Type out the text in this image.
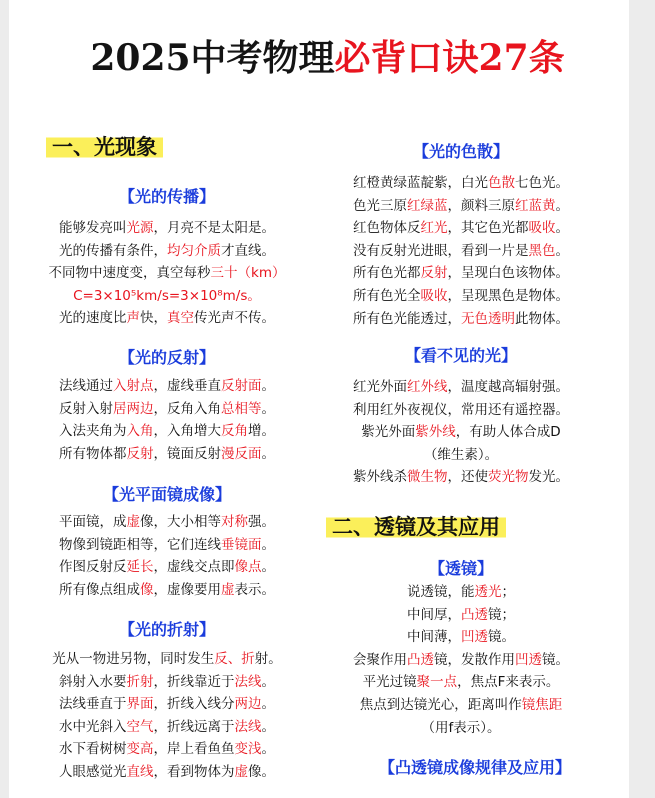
2025中考物理必背口诀27条
一、光现象
【光的传播】
能够发亮叫光源，月亮不是太阳是。
光的传播有条件，均匀介质才直线。
不同物中速度变，真空每秒三十（km）
C=3×10⁵km/s=3×10⁸m/s。
光的速度比声快，真空传光声不传。
【光的反射】
法线通过入射点，虚线垂直反射面。
反射入射居两边，反角入角总相等。
入法夹角为入角，入角增大反角增。
所有物体都反射，镜面反射漫反面。
【光平面镜成像】
平面镜，成虚像，大小相等对称强。
物像到镜距相等，它们连线垂镜面。
作图反射反延长，虚线交点即像点。
所有像点组成像，虚像要用虚表示。
【光的折射】
光从一物进另物，同时发生反、折射。
斜射入水要折射，折线靠近于法线。
法线垂直于界面，折线入线分两边。
水中光斜入空气，折线远离于法线。
水下看树树变高，岸上看鱼鱼变浅。
人眼感觉光直线，看到物体为虚像。
【光的色散】
红橙黄绿蓝靛紫，白光色散七色光。
色光三原红绿蓝，颜料三原红蓝黄。
红色物体反红光，其它色光都吸收。
没有反射光进眼，看到一片是黑色。
所有色光都反射，呈现白色该物体。
所有色光全吸收，呈现黑色是物体。
所有色光能透过，无色透明此物体。
【看不见的光】
红光外面红外线，温度越高辐射强。
利用红外夜视仪，常用还有遥控器。
紫光外面紫外线，有助人体合成D
（维生素）。
紫外线杀微生物，还使荧光物发光。
二、透镜及其应用
【透镜】
说透镜，能透光；
中间厚，凸透镜；
中间薄，凹透镜。
会聚作用凸透镜，发散作用凹透镜。
平光过镜聚一点，焦点F来表示。
焦点到达镜光心，距离叫作镜焦距
（用f表示）。
【凸透镜成像规律及应用】
